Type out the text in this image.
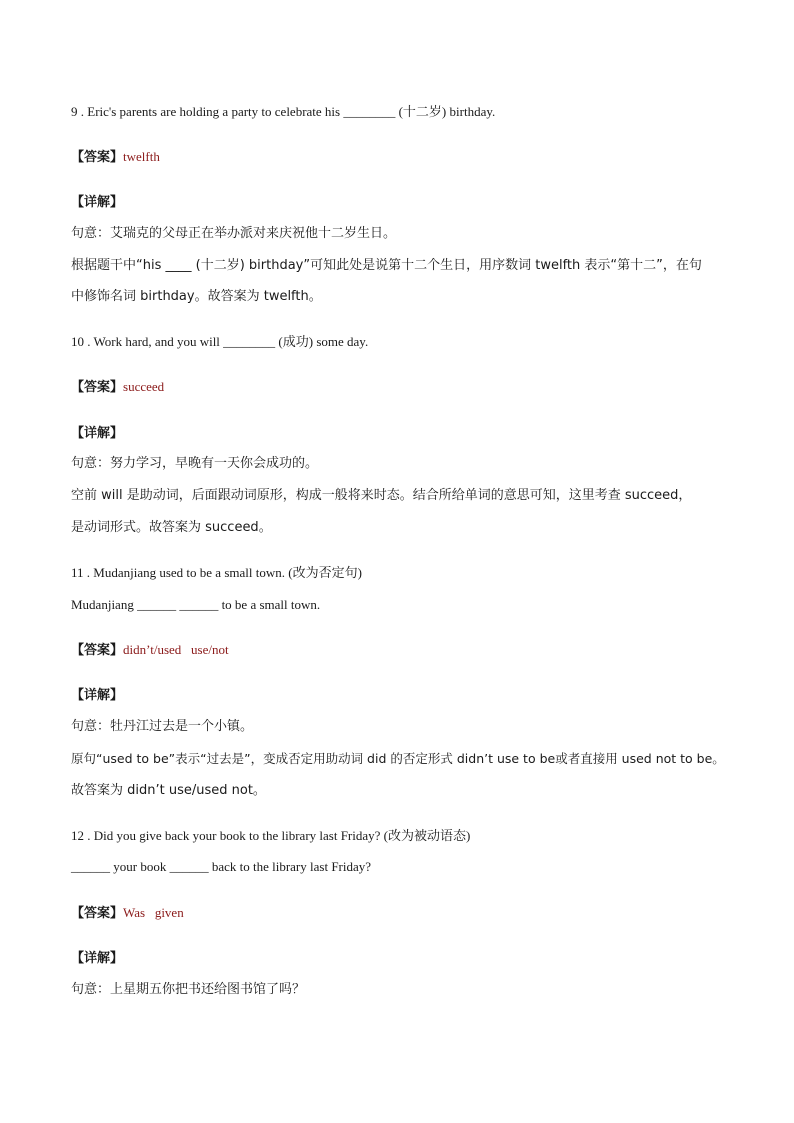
9 . Eric's parents are holding a party to celebrate his ________ (十二岁) birthday.
【答案】twelfth
【详解】
句意：艾瑞克的父母正在举办派对来庆祝他十二岁生日。
根据题干中“his ____ (十二岁) birthday”可知此处是说第十二个生日，用序数词 twelfth 表示“第十二”，在句
中修饰名词 birthday。故答案为 twelfth。
10 . Work hard, and you will ________ (成功) some day.
【答案】succeed
【详解】
句意：努力学习，早晚有一天你会成功的。
空前 will 是助动词，后面跟动词原形，构成一般将来时态。结合所给单词的意思可知，这里考查 succeed，
是动词形式。故答案为 succeed。
11 . Mudanjiang used to be a small town. (改为否定句)
Mudanjiang ______ ______ to be a small town.
【答案】didn’t/used   use/not
【详解】
句意：牡丹江过去是一个小镇。
原句“used to be”表示“过去是”，变成否定用助动词 did 的否定形式 didn’t use to be或者直接用 used not to be。
故答案为 didn’t use/used not。
12 . Did you give back your book to the library last Friday? (改为被动语态)
______ your book ______ back to the library last Friday?
【答案】Was   given
【详解】
句意：上星期五你把书还给图书馆了吗？
